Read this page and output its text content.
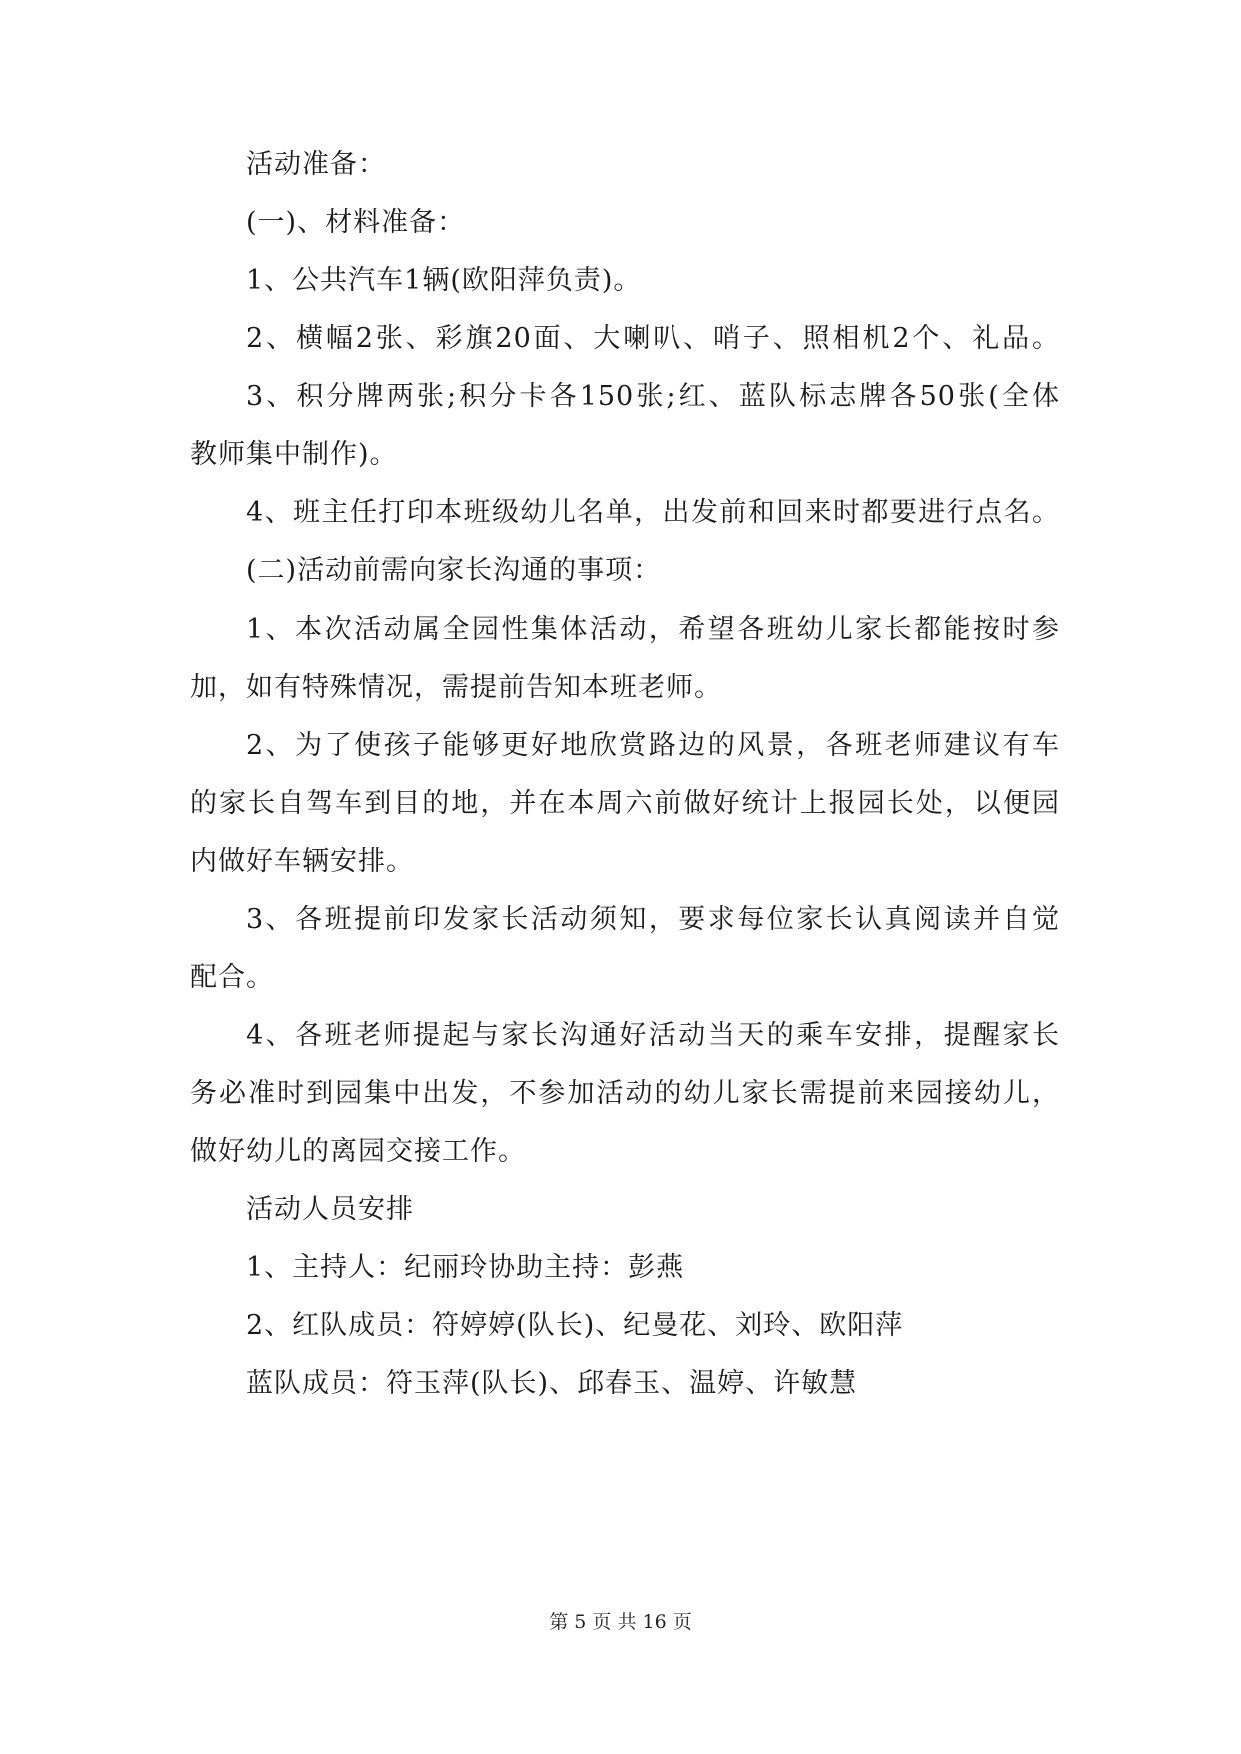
活动准备：
(一)、材料准备：
1、公共汽车1辆(欧阳萍负责)。
2、横幅2张、彩旗20面、大喇叭、哨子、照相机2个、礼品。
3、积分牌两张;积分卡各150张;红、蓝队标志牌各50张(全体
教师集中制作)。
4、班主任打印本班级幼儿名单，出发前和回来时都要进行点名。
(二)活动前需向家长沟通的事项：
1、本次活动属全园性集体活动，希望各班幼儿家长都能按时参
加，如有特殊情况，需提前告知本班老师。
2、为了使孩子能够更好地欣赏路边的风景，各班老师建议有车
的家长自驾车到目的地，并在本周六前做好统计上报园长处，以便园
内做好车辆安排。
3、各班提前印发家长活动须知，要求每位家长认真阅读并自觉
配合。
4、各班老师提起与家长沟通好活动当天的乘车安排，提醒家长
务必准时到园集中出发，不参加活动的幼儿家长需提前来园接幼儿，
做好幼儿的离园交接工作。
活动人员安排
1、主持人：纪丽玲协助主持：彭燕
2、红队成员：符婷婷(队长)、纪曼花、刘玲、欧阳萍
蓝队成员：符玉萍(队长)、邱春玉、温婷、许敏慧
第 5 页 共 16 页
